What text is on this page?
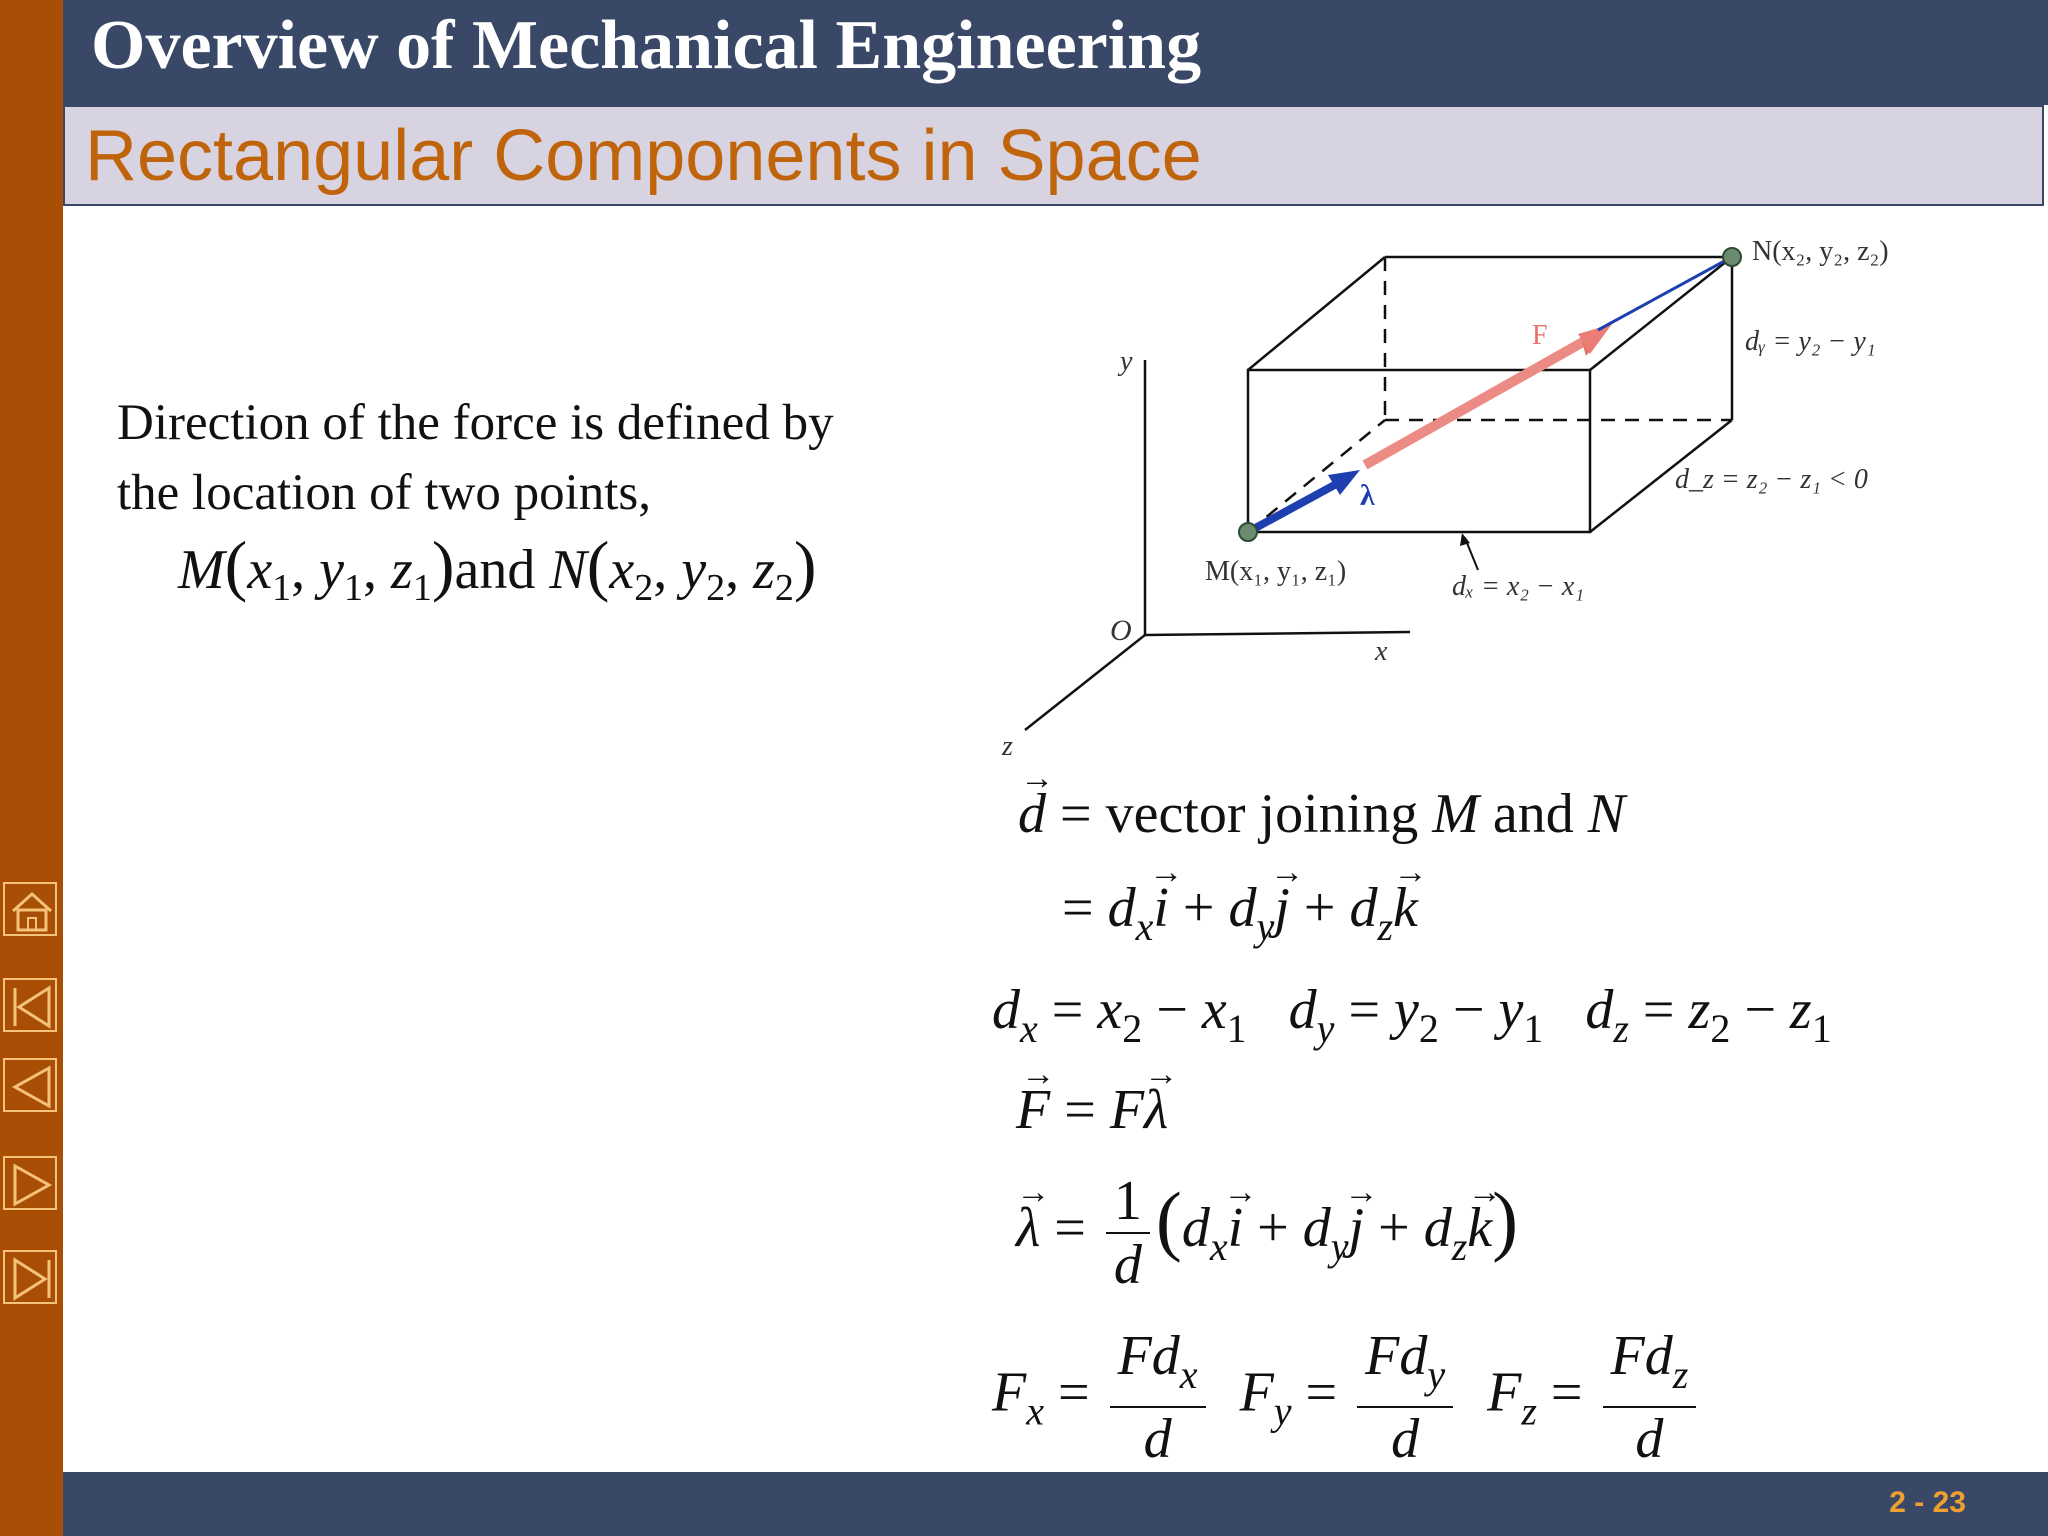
Overview of Mechanical Engineering
Rectangular Components in Space
Direction of the force is defined by
the location of two points,
$M(x_1$, $y_1$, $z_1)and$ $N(x_2$, $y_2$, $z_2$)
y
x
z
O
F
λ
N(x₂, y₂, z₂)
M(x₁, y₁, z₁)
dᵧ = y₂ − y₁
d_z = z₂ − z₁ < 0
dₓ = x₂ − x₁
→ d = vector joining M and N
= $d_x\to i + d_y\to j + d_z\to k$
$d_x = x_2 - x_1$ $d_y = y_2 - y_1$ $d_z = z_2 - z_1$
→ F = F→ λ
→ $\lambda = \frac{1}{d} (d_x\to i + d_y\to j + d_z\to k)$
$F_x = \frac{Fd_x}{d} F_y = \frac{Fd_y}{d} F_z = \frac{Fd_z}{d}$
2 - 23
